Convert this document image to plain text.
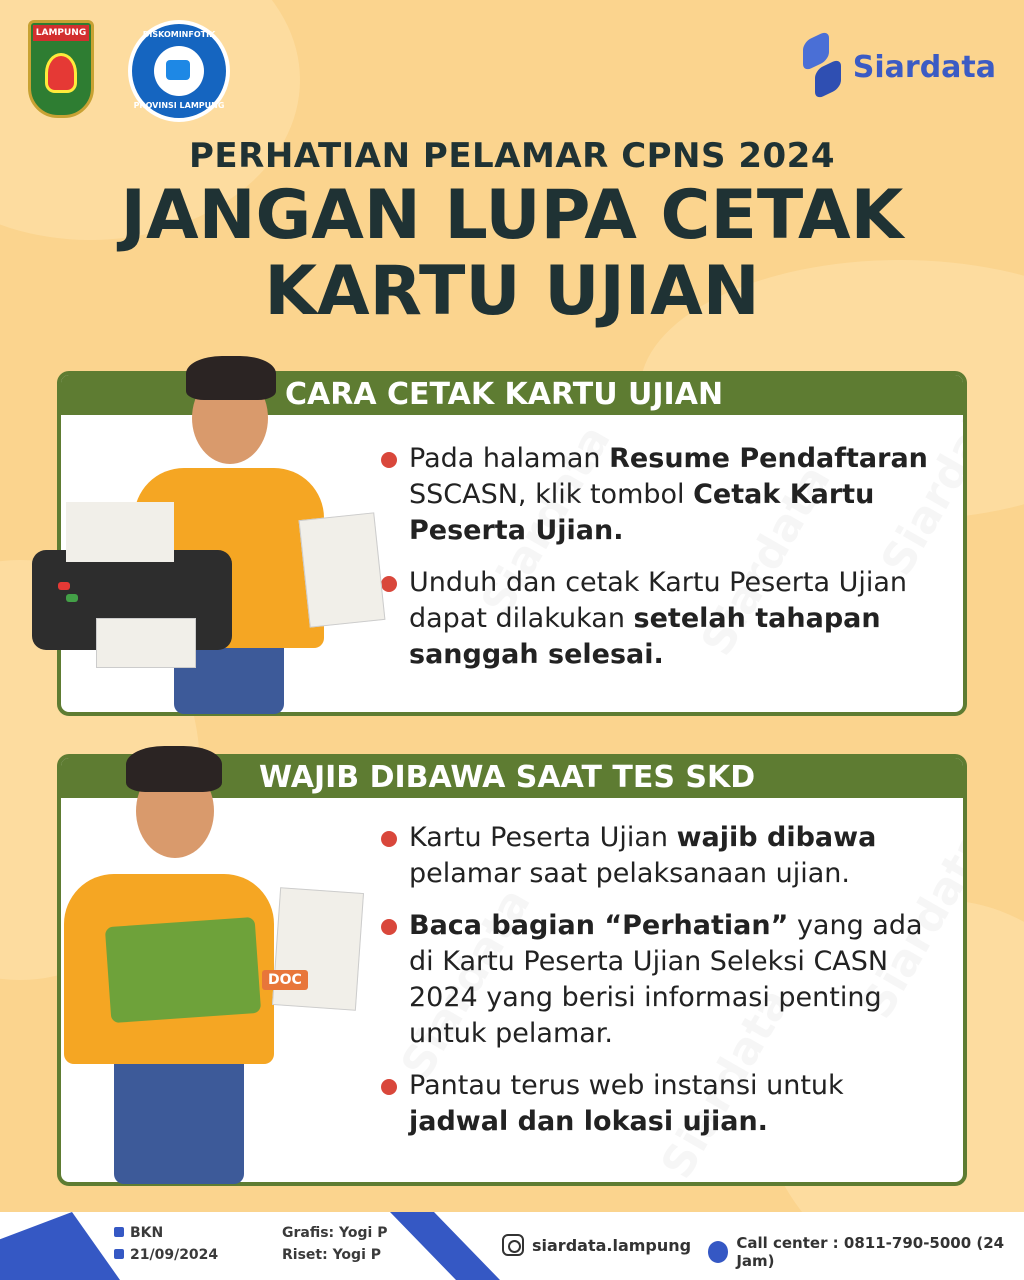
LAMPUNG	DISKOMINFOTIK
PROVINSI LAMPUNG
Siardata
PERHATIAN PELAMAR CPNS 2024
JANGAN LUPA CETAK
KARTU UJIAN
CARA CETAK KARTU UJIAN
Pada halaman Resume Pendaftaran SSCASN, klik tombol Cetak Kartu Peserta Ujian.
Unduh dan cetak Kartu Peserta Ujian dapat dilakukan setelah tahapan sanggah selesai.
WAJIB DIBAWA SAAT TES SKD
Kartu Peserta Ujian wajib dibawa pelamar saat pelaksanaan ujian.
Baca bagian “Perhatian” yang ada di Kartu Peserta Ujian Seleksi CASN 2024 yang berisi informasi penting untuk pelamar.
Pantau terus web instansi untuk jadwal dan lokasi ujian.
DOC
BKN
21/09/2024
Grafis: Yogi P
Riset: Yogi P
siardata.lampung	Call center : 0811-790-5000 (24 Jam)
